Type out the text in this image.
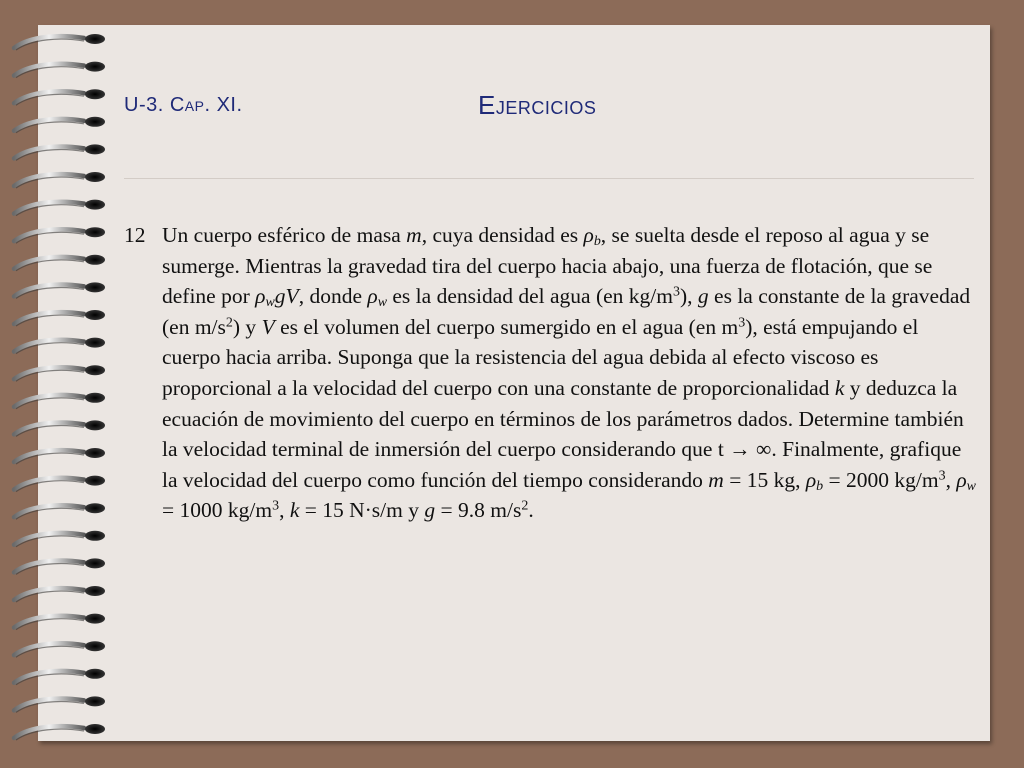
U-3. Cap. XI.	Ejercicios
12 Un cuerpo esférico de masa m, cuya densidad es $\rho_b$, se suelta desde el reposo al agua y se sumerge. Mientras la gravedad tira del cuerpo hacia abajo, una fuerza de flotación, que se define por $\rho_wgV$, donde $\rho_w$ es la densidad del agua (en $kg/m^3$), g es la constante de la gravedad (en $m/s^2$) y V es el volumen del cuerpo sumergido en el agua (en $m^3$), está empujando el cuerpo hacia arriba. Suponga que la resistencia del agua debida al efecto viscoso es proporcional a la velocidad del cuerpo con una constante de proporcionalidad k y deduzca la ecuación de movimiento del cuerpo en términos de los parámetros dados. Determine también la velocidad terminal de inmersión del cuerpo considerando que t → ∞. Finalmente, grafique la velocidad del cuerpo como función del tiempo considerando m = 15 kg, $\rho_b = 2000$ $kg/m^3$, $\rho_w = 1000$ $kg/m^3$, k = 15 N·s/m y g = 9.8 $m/s^2$.
